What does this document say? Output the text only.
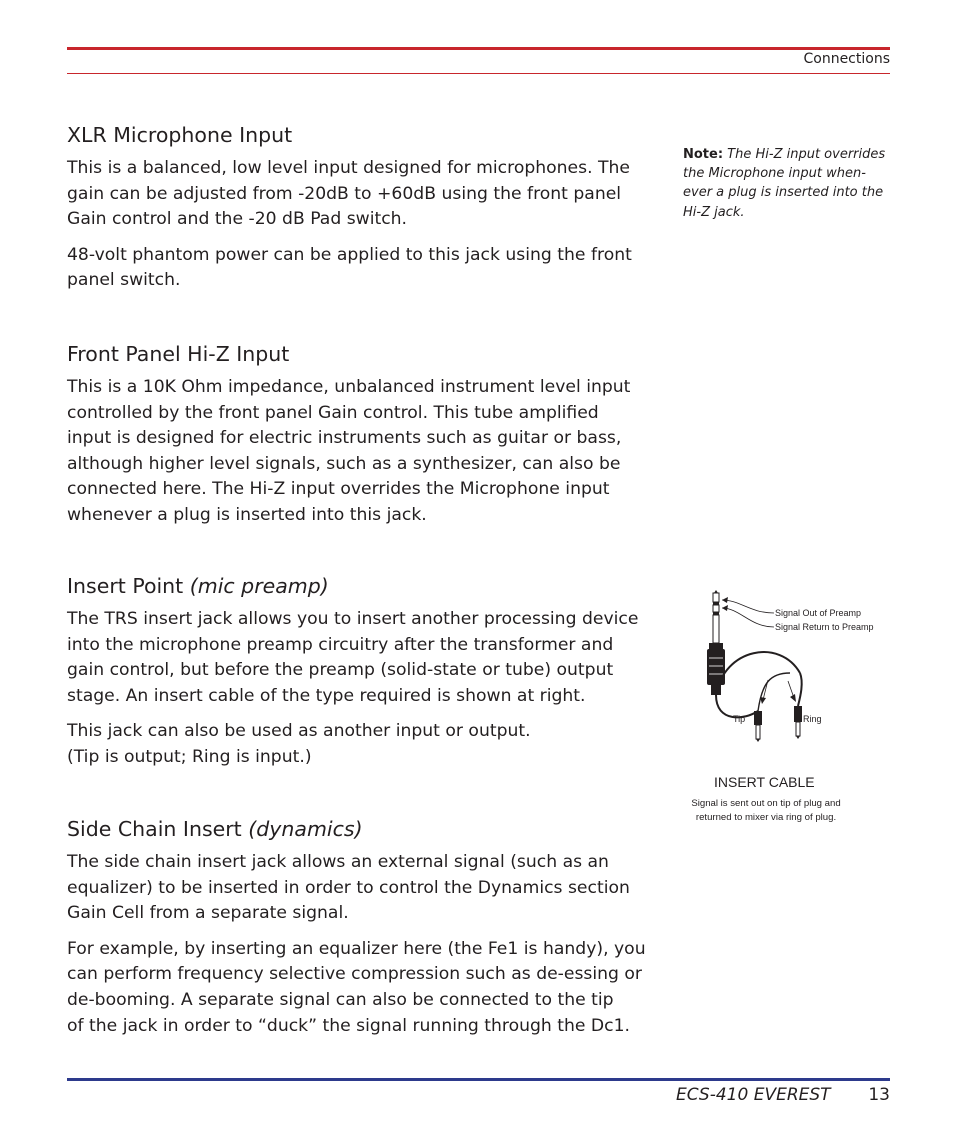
Connections
XLR Microphone Input

This is a balanced, low level input designed for microphones. The
gain can be adjusted from -20dB to +60dB using the front panel
Gain control and the -20 dB Pad switch.

48-volt phantom power can be applied to this jack using the front
panel switch.

Front Panel Hi-Z Input

This is a 10K Ohm impedance, unbalanced instrument level input
controlled by the front panel Gain control. This tube amplified
input is designed for electric instruments such as guitar or bass,
although higher level signals, such as a synthesizer, can also be
connected here. The Hi-Z input overrides the Microphone input
whenever a plug is inserted into this jack.

Insert Point (mic preamp)

The TRS insert jack allows you to insert another processing device
into the microphone preamp circuitry after the transformer and
gain control, but before the preamp (solid-state or tube) output
stage. An insert cable of the type required is shown at right.

This jack can also be used as another input or output.
(Tip is output; Ring is input.)

Side Chain Insert (dynamics)

The side chain insert jack allows an external signal (such as an
equalizer) to be inserted in order to control the Dynamics section
Gain Cell from a separate signal.

For example, by inserting an equalizer here (the Fe1 is handy), you
can perform frequency selective compression such as de-essing or
de-booming. A separate signal can also be connected to the tip
of the jack in order to “duck” the signal running through the Dc1.

Note: The Hi-Z input overrides
the Microphone input when-
ever a plug is inserted into the
Hi-Z jack.
Signal Out of Preamp
Signal Return to Preamp
Tip	Ring
INSERT CABLE
Signal is sent out on tip of plug and
returned to mixer via ring of plug.
ECS-410 EVEREST 13
